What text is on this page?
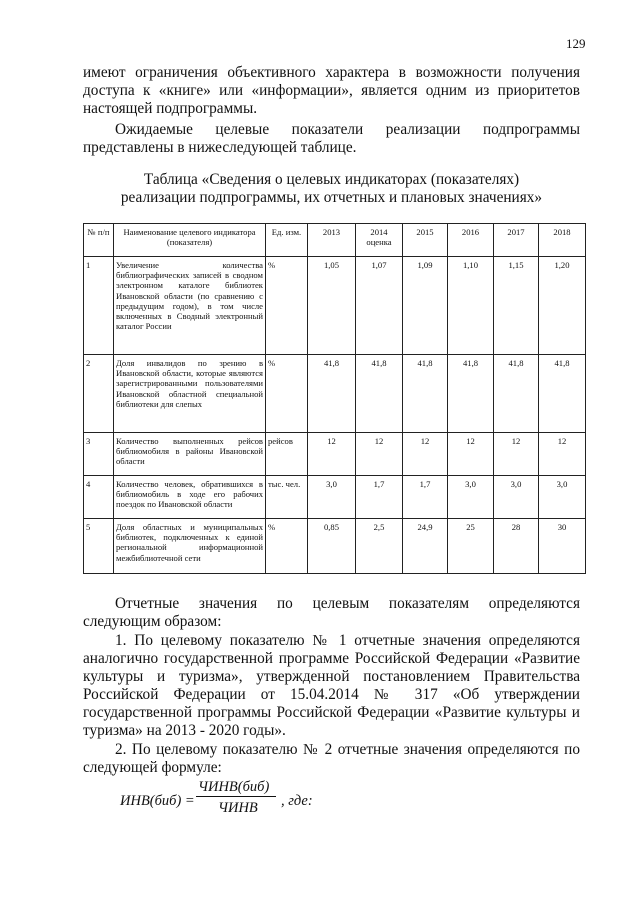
129
имеют ограничения объективного характера в возможности получения
доступа к «книге» или «информации», является одним из приоритетов
настоящей подпрограммы.
Ожидаемые целевые показатели реализации подпрограммы
представлены в нижеследующей таблице.
Таблица «Сведения о целевых индикаторах (показателях)
реализации подпрограммы, их отчетных и плановых значениях»
№ п/п	Наименование целевого индикатора (показателя)	Ед. изм.	2013	2014 оценка	2015	2016	2017	2018
1	Увеличение количества библиографических записей в сводном электронном каталоге библиотек Ивановской области (по сравнению с предыдущим годом), в том числе включенных в Сводный электронный каталог России	%	1,05	1,07	1,09	1,10	1,15	1,20
2	Доля инвалидов по зрению в Ивановской области, которые являются зарегистрированными пользователями Ивановской областной специальной библиотеки для слепых	%	41,8	41,8	41,8	41,8	41,8	41,8
3	Количество выполненных рейсов библиомобиля в районы Ивановской области	рейсов	12	12	12	12	12	12
4	Количество человек, обратившихся в библиомобиль в ходе его рабочих поездок по Ивановской области	тыс. чел.	3,0	1,7	1,7	3,0	3,0	3,0
5	Доля областных и муниципальных библиотек, подключенных к единой региональной информационной межбиблиотечной сети	%	0,85	2,5	24,9	25	28	30
Отчетные значения по целевым показателям определяются
следующим образом:
1. По целевому показателю № 1 отчетные значения определяются
аналогично государственной программе Российской Федерации «Развитие
культуры и туризма», утвержденной постановлением Правительства
Российской Федерации от 15.04.2014 № 317 «Об утверждении
государственной программы Российской Федерации «Развитие культуры и
туризма» на 2013 - 2020 годы».
2. По целевому показателю № 2 отчетные значения определяются по
следующей формуле:
ИНВ(биб) =
ЧИНВ(биб)
ЧИНВ , где:
